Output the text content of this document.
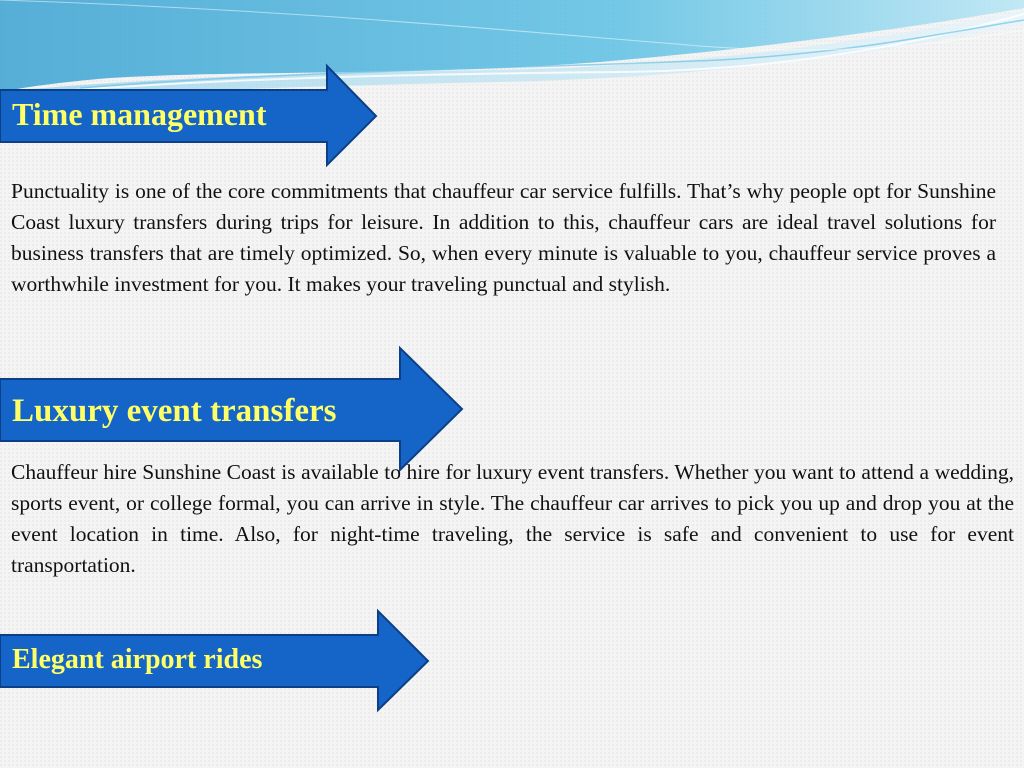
Time management

Punctuality is one of the core commitments that chauffeur car service fulfills. That’s why people opt for Sunshine Coast luxury transfers during trips for leisure. In addition to this, chauffeur cars are ideal travel solutions for business transfers that are timely optimized. So, when every minute is valuable to you, chauffeur service proves a worthwhile investment for you. It makes your traveling punctual and stylish.

Luxury event transfers

Chauffeur hire Sunshine Coast is available to hire for luxury event transfers. Whether you want to attend a wedding, sports event, or college formal, you can arrive in style. The chauffeur car arrives to pick you up and drop you at the event location in time. Also, for night-time traveling, the service is safe and convenient to use for event transportation.

Elegant airport rides
